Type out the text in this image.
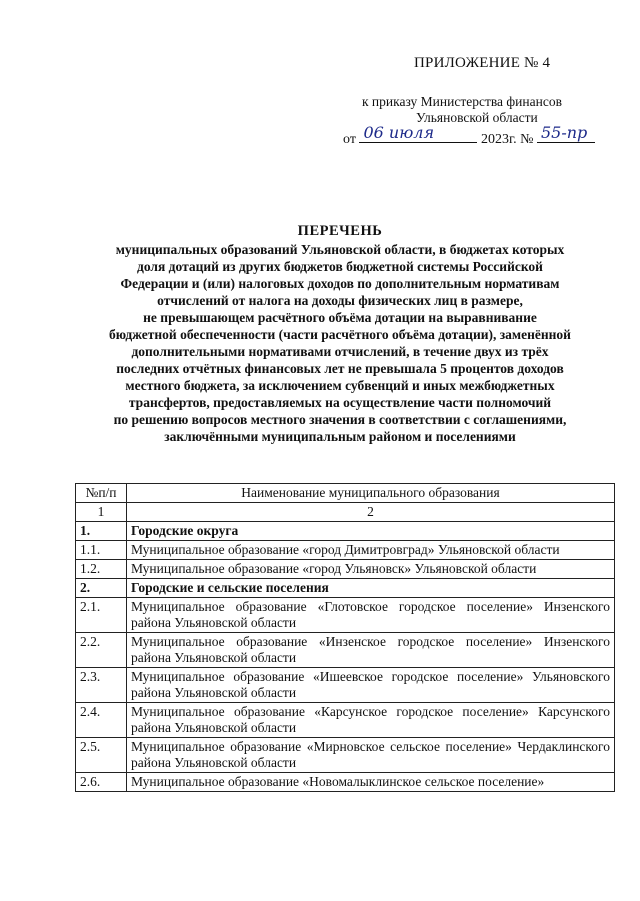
ПРИЛОЖЕНИЕ № 4
к приказу Министерства финансов
Ульяновской области
от 06 июля	2023г. № 55-пр
ПЕРЕЧЕНЬ
муниципальных образований Ульяновской области, в бюджетах которых
доля дотаций из других бюджетов бюджетной системы Российской
Федерации и (или) налоговых доходов по дополнительным нормативам
отчислений от налога на доходы физических лиц в размере,
не превышающем расчётного объёма дотации на выравнивание
бюджетной обеспеченности (части расчётного объёма дотации), заменённой
дополнительными нормативами отчислений, в течение двух из трёх
последних отчётных финансовых лет не превышала 5 процентов доходов
местного бюджета, за исключением субвенций и иных межбюджетных
трансфертов, предоставляемых на осуществление части полномочий
по решению вопросов местного значения в соответствии с соглашениями,
заключёнными муниципальным районом и поселениями
№п/п	Наименование муниципального образования
1	2
1.	Городские округа
1.1.	Муниципальное образование «город Димитровград» Ульяновской области
1.2.	Муниципальное образование «город Ульяновск» Ульяновской области
2.	Городские и сельские поселения
2.1.	Муниципальное образование «Глотовское городское поселение» Инзенского района Ульяновской области
2.2.	Муниципальное образование «Инзенское городское поселение» Инзенского района Ульяновской области
2.3.	Муниципальное образование «Ишеевское городское поселение» Ульяновского района Ульяновской области
2.4.	Муниципальное образование «Карсунское городское поселение» Карсунского района Ульяновской области
2.5.	Муниципальное образование «Мирновское сельское поселение» Чердаклинского района Ульяновской области
2.6.	Муниципальное образование «Новомалыклинское сельское поселение»
